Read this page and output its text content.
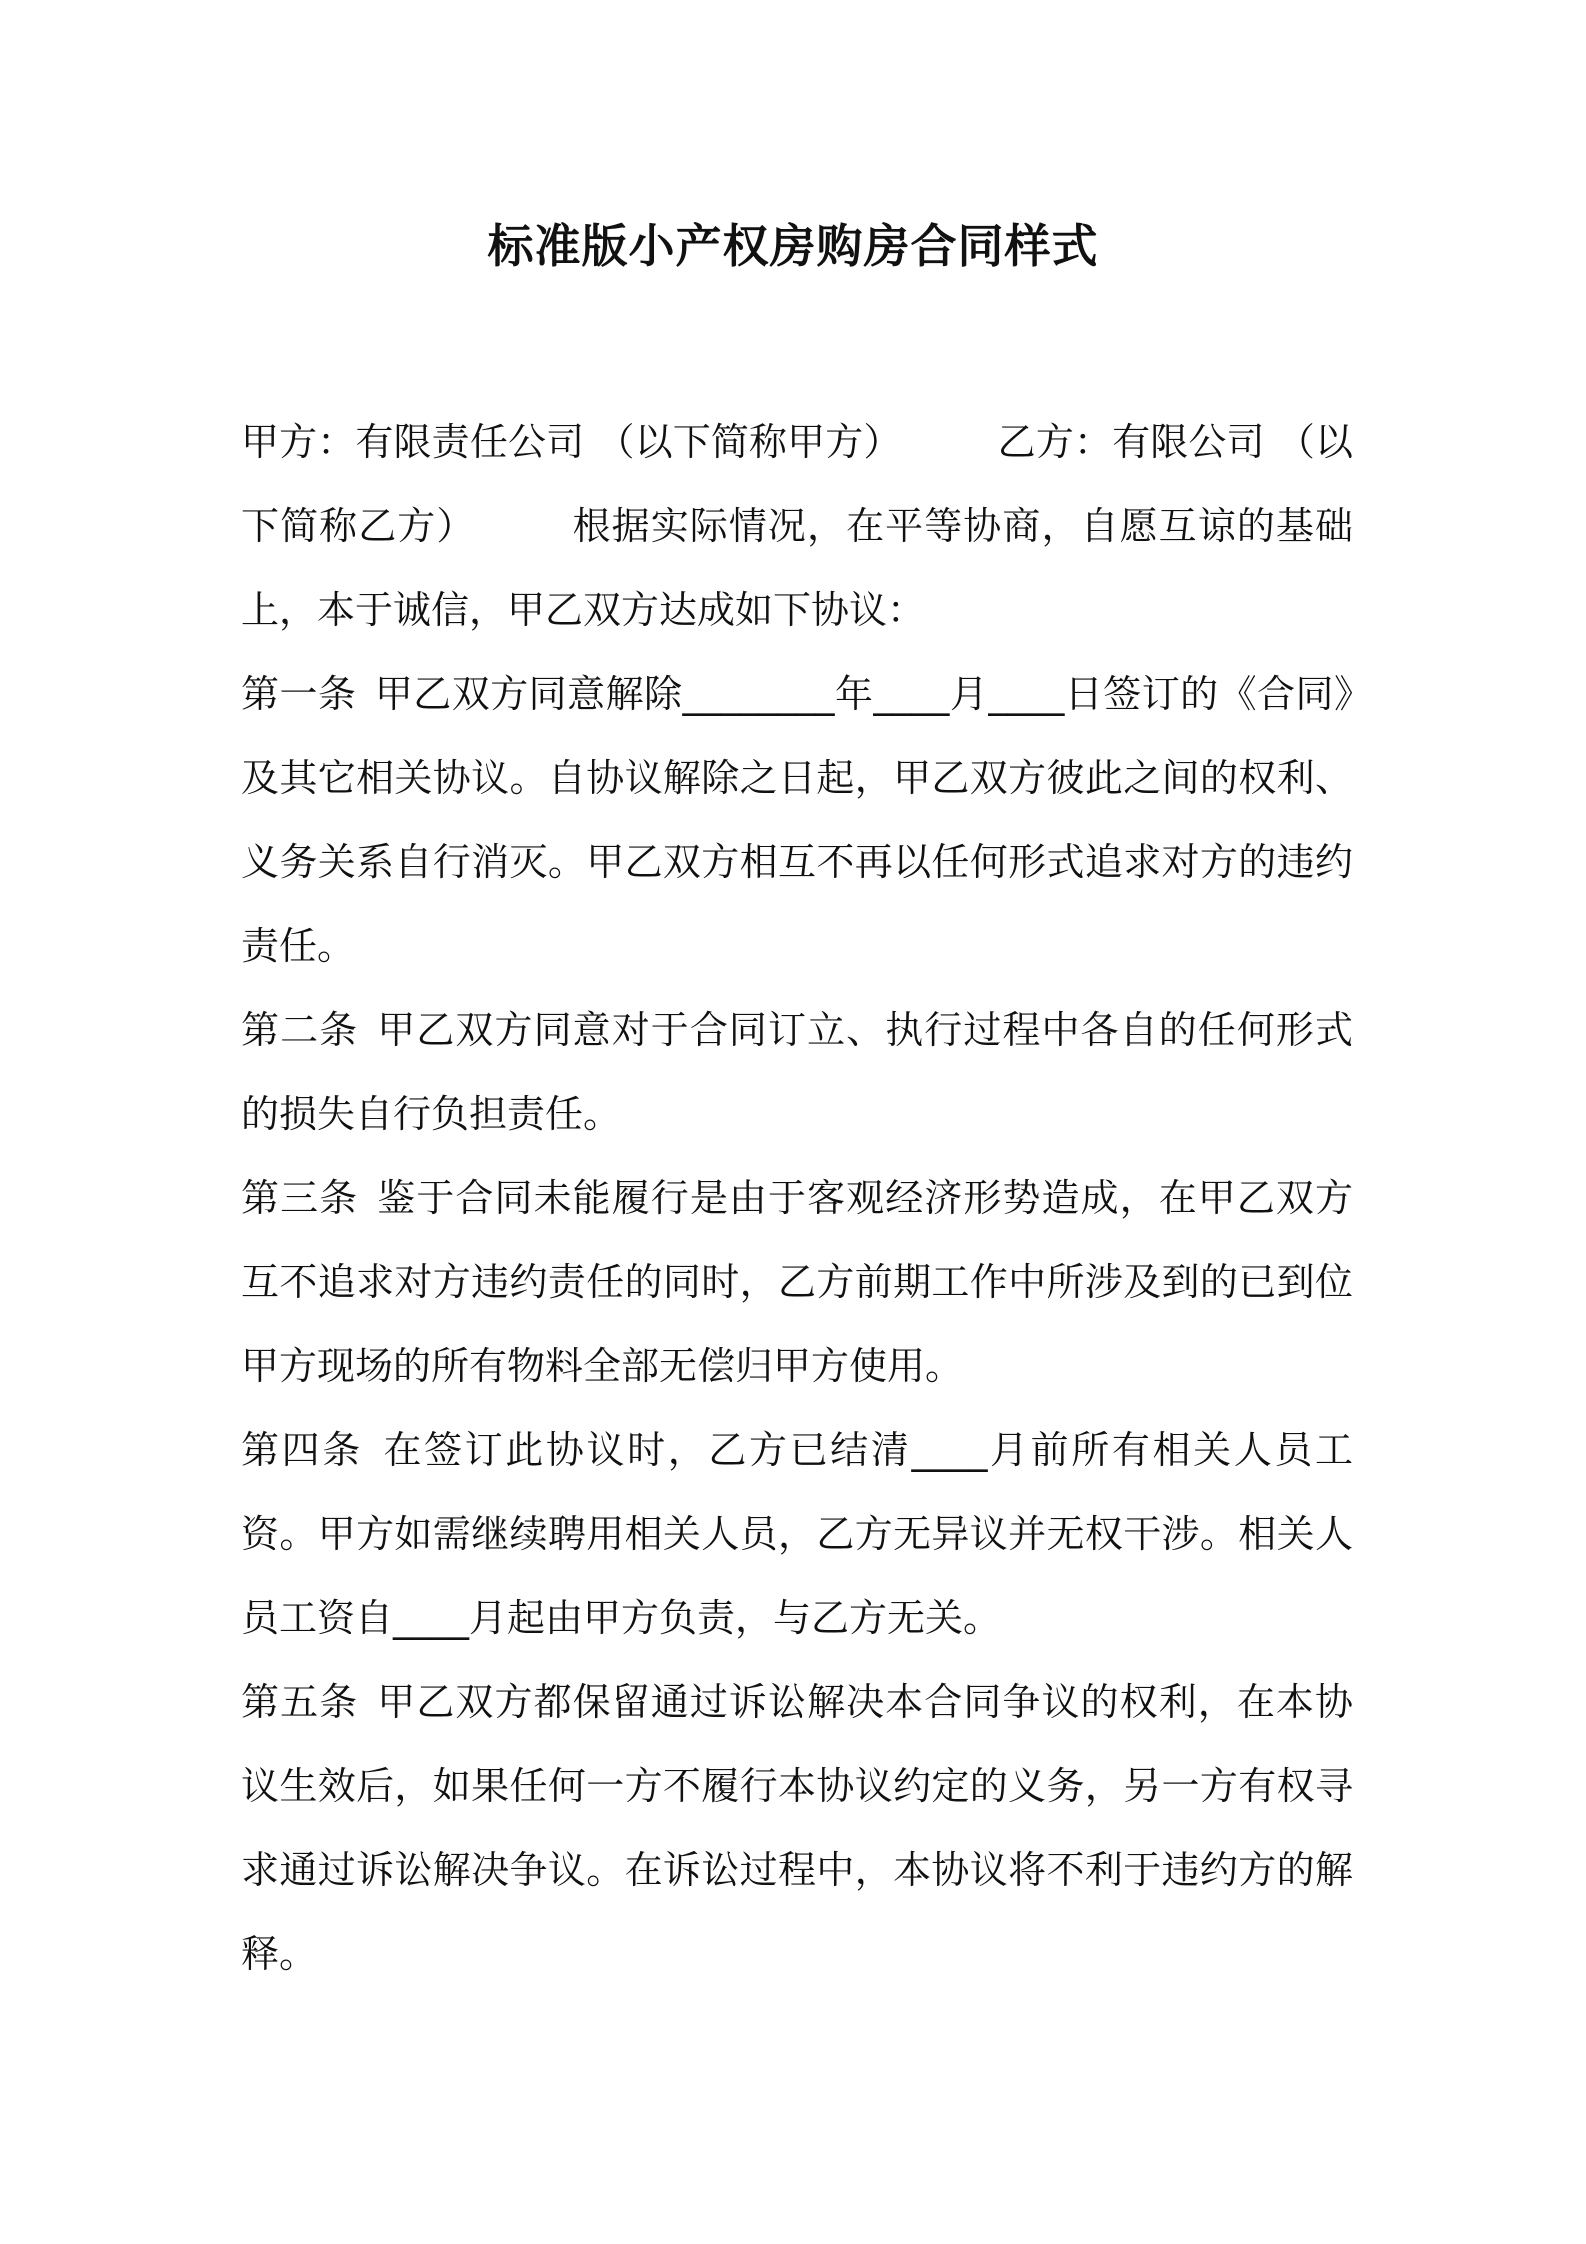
标准版小产权房购房合同样式

甲方：有限责任公司 （以下简称甲方）	乙方：有限公司 （以下简称乙方）	根据实际情况，在平等协商，自愿互谅的基础上，本于诚信，甲乙双方达成如下协议：

第一条 甲乙双方同意解除________年____月____日签订的《合同》及其它相关协议。自协议解除之日起，甲乙双方彼此之间的权利、义务关系自行消灭。甲乙双方相互不再以任何形式追求对方的违约责任。

第二条 甲乙双方同意对于合同订立、执行过程中各自的任何形式的损失自行负担责任。

第三条 鉴于合同未能履行是由于客观经济形势造成，在甲乙双方互不追求对方违约责任的同时，乙方前期工作中所涉及到的已到位甲方现场的所有物料全部无偿归甲方使用。

第四条 在签订此协议时，乙方已结清____月前所有相关人员工资。甲方如需继续聘用相关人员，乙方无异议并无权干涉。相关人员工资自____月起由甲方负责，与乙方无关。

第五条 甲乙双方都保留通过诉讼解决本合同争议的权利，在本协议生效后，如果任何一方不履行本协议约定的义务，另一方有权寻求通过诉讼解决争议。在诉讼过程中，本协议将不利于违约方的解释。
